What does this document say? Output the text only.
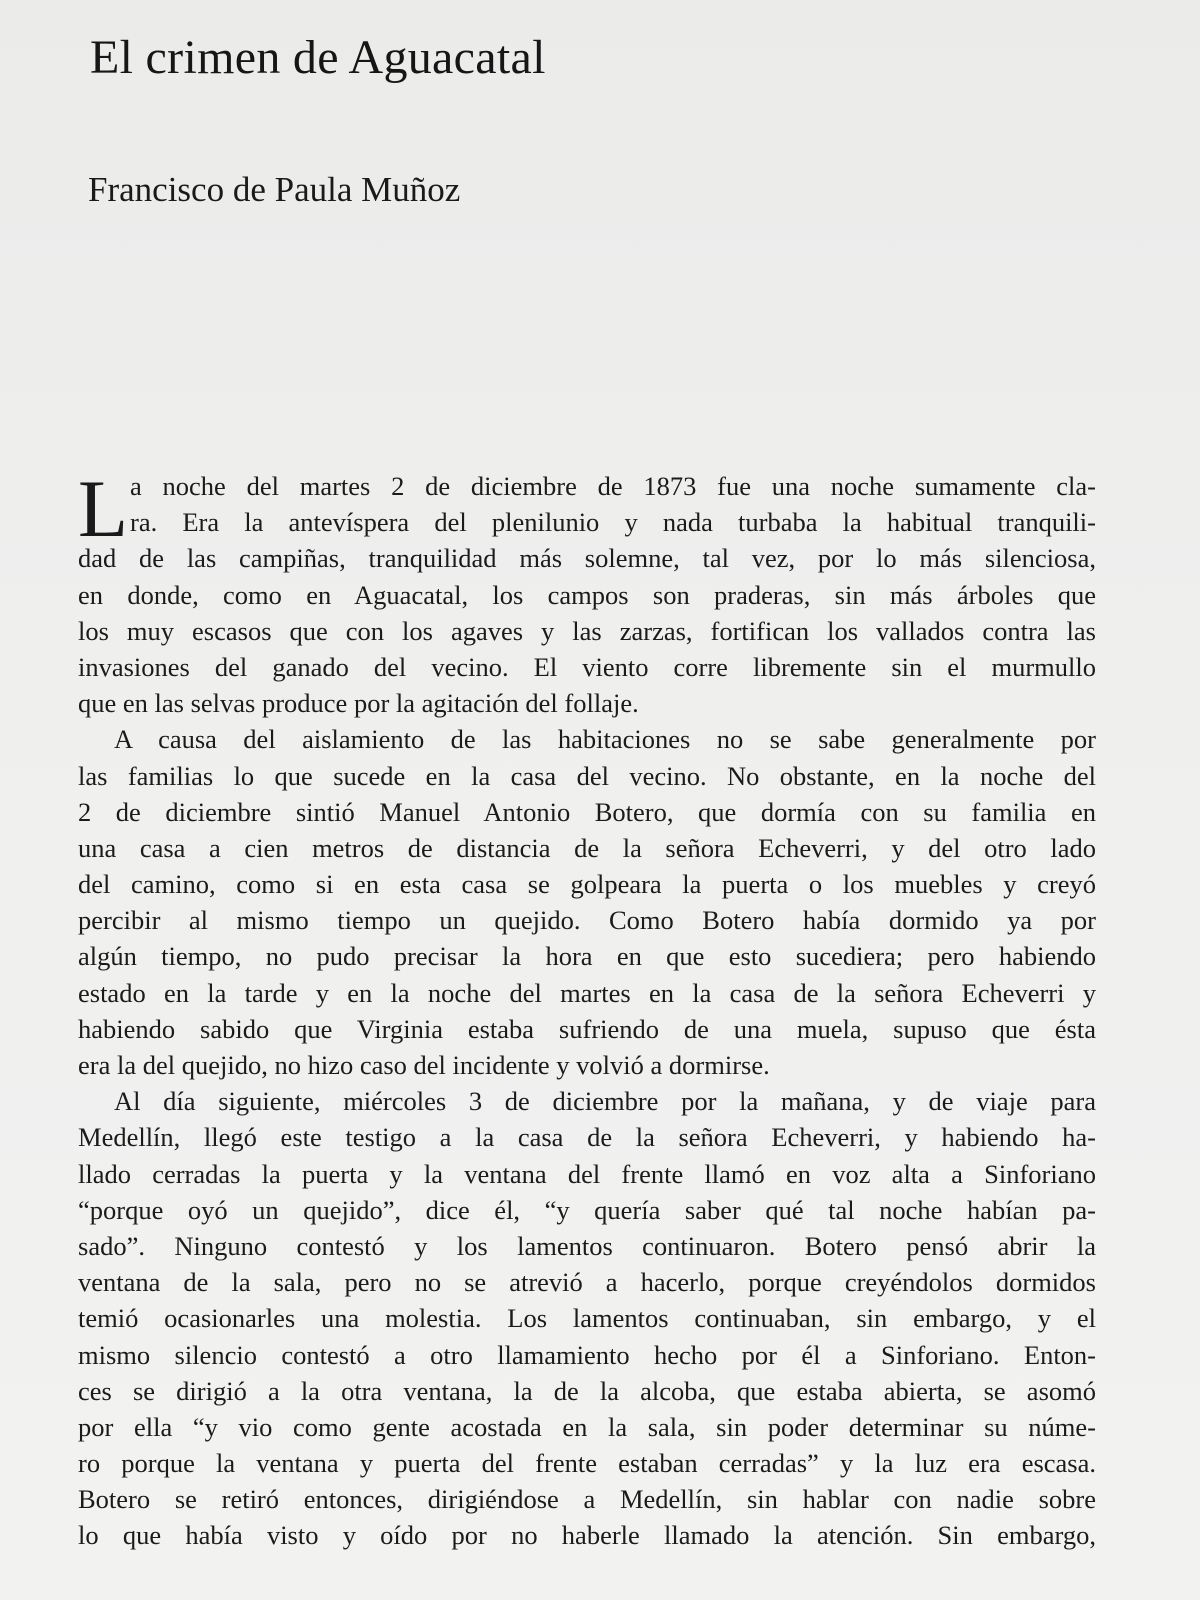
El crimen de Aguacatal
Francisco de Paula Muñoz
L a noche del martes 2 de diciembre de 1873 fue una noche sumamente cla-
ra. Era la antevíspera del plenilunio y nada turbaba la habitual tranquili-
dad de las campiñas, tranquilidad más solemne, tal vez, por lo más silenciosa,
en donde, como en Aguacatal, los campos son praderas, sin más árboles que
los muy escasos que con los agaves y las zarzas, fortifican los vallados contra las
invasiones del ganado del vecino. El viento corre libremente sin el murmullo
que en las selvas produce por la agitación del follaje.
A causa del aislamiento de las habitaciones no se sabe generalmente por
las familias lo que sucede en la casa del vecino. No obstante, en la noche del
2 de diciembre sintió Manuel Antonio Botero, que dormía con su familia en
una casa a cien metros de distancia de la señora Echeverri, y del otro lado
del camino, como si en esta casa se golpeara la puerta o los muebles y creyó
percibir al mismo tiempo un quejido. Como Botero había dormido ya por
algún tiempo, no pudo precisar la hora en que esto sucediera; pero habiendo
estado en la tarde y en la noche del martes en la casa de la señora Echeverri y
habiendo sabido que Virginia estaba sufriendo de una muela, supuso que ésta
era la del quejido, no hizo caso del incidente y volvió a dormirse.
Al día siguiente, miércoles 3 de diciembre por la mañana, y de viaje para
Medellín, llegó este testigo a la casa de la señora Echeverri, y habiendo ha-
llado cerradas la puerta y la ventana del frente llamó en voz alta a Sinforiano
“porque oyó un quejido”, dice él, “y quería saber qué tal noche habían pa-
sado”. Ninguno contestó y los lamentos continuaron. Botero pensó abrir la
ventana de la sala, pero no se atrevió a hacerlo, porque creyéndolos dormidos
temió ocasionarles una molestia. Los lamentos continuaban, sin embargo, y el
mismo silencio contestó a otro llamamiento hecho por él a Sinforiano. Enton-
ces se dirigió a la otra ventana, la de la alcoba, que estaba abierta, se asomó
por ella “y vio como gente acostada en la sala, sin poder determinar su núme-
ro porque la ventana y puerta del frente estaban cerradas” y la luz era escasa.
Botero se retiró entonces, dirigiéndose a Medellín, sin hablar con nadie sobre
lo que había visto y oído por no haberle llamado la atención. Sin embargo,
